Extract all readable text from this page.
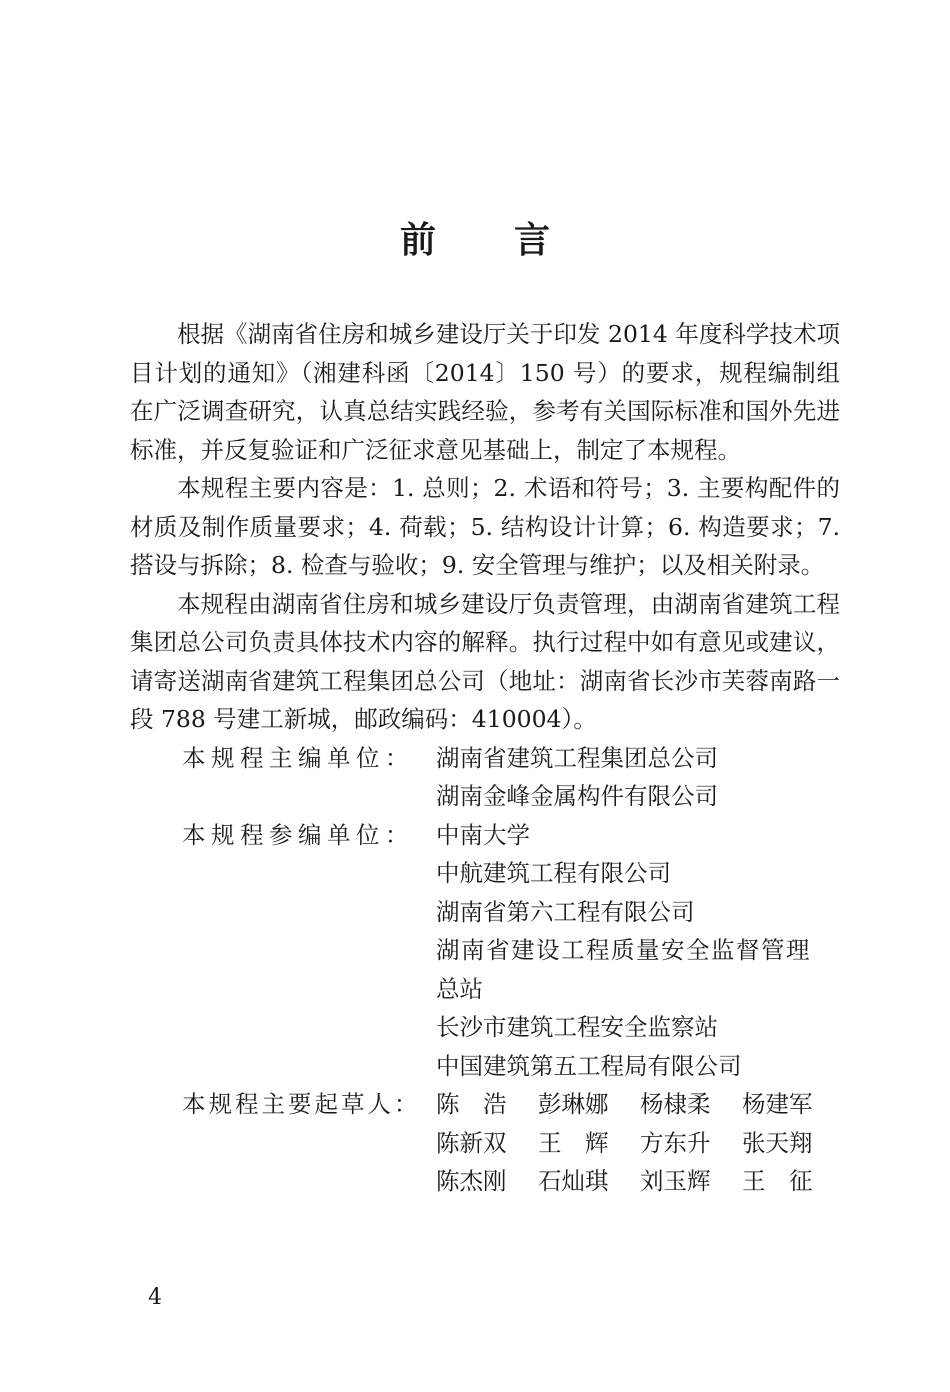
前 言

根据《湖南省住房和城乡建设厅关于印发 2014 年度科学技术项目计划的通知》（湘建科函〔2014〕150 号）的要求，规程编制组在广泛调查研究，认真总结实践经验，参考有关国际标准和国外先进标准，并反复验证和广泛征求意见基础上，制定了本规程。

本规程主要内容是：1. 总则；2. 术语和符号；3. 主要构配件的材质及制作质量要求；4. 荷载；5. 结构设计计算；6. 构造要求；7. 搭设与拆除；8. 检查与验收；9. 安全管理与维护；以及相关附录。

本规程由湖南省住房和城乡建设厅负责管理，由湖南省建筑工程集团总公司负责具体技术内容的解释。执行过程中如有意见或建议，请寄送湖南省建筑工程集团总公司（地址：湖南省长沙市芙蓉南路一段 788 号建工新城，邮政编码：410004）。

本规程主编单位： 湖南省建筑工程集团总公司
湖南金峰金属构件有限公司
本规程参编单位： 中南大学
中航建筑工程有限公司
湖南省第六工程有限公司
湖南省建设工程质量安全监督管理
总站
长沙市建筑工程安全监察站
中国建筑第五工程局有限公司
本规程主要起草人： 陈　浩	彭琳娜	杨棣柔	杨建军
陈新双	王　辉	方东升	张天翔
陈杰刚	石灿琪	刘玉辉	王　征
4
